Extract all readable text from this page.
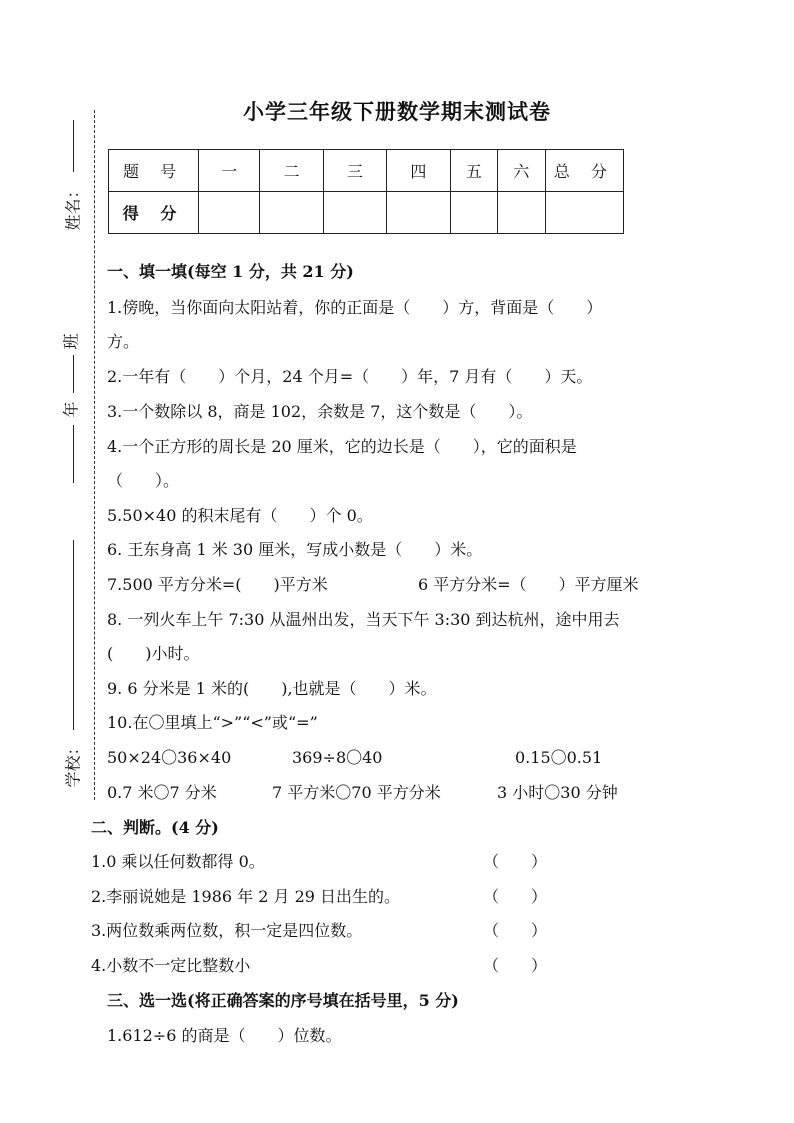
姓名：
班
年
学校：
小学三年级下册数学期末测试卷
题 号	一	二	三	四	五	六	总 分
得 分							
一、填一填(每空 1 分，共 21 分)
1.傍晚，当你面向太阳站着，你的正面是（　　）方，背面是（　　）
方。
2.一年有（　　）个月，24 个月=（　　）年，7 月有（　　）天。
3.一个数除以 8，商是 102，余数是 7，这个数是（　　）。
4.一个正方形的周长是 20 厘米，它的边长是（　　），它的面积是
（　　）。
5.50×40 的积末尾有（　　）个 0。
6. 王东身高 1 米 30 厘米，写成小数是（　　）米。
7.500 平方分米=(　　)平方米	6 平方分米=（　　）平方厘米
8. 一列火车上午 7:30 从温州出发，当天下午 3:30 到达杭州，途中用去
(　　)小时。
9. 6 分米是 1 米的(　　),也就是（　　）米。
10.在〇里填上“>”“<”或“=”
50×24〇36×40	369÷8〇40	0.15〇0.51
0.7 米〇7 分米	7 平方米〇70 平方分米	3 小时〇30 分钟
二、判断。(4 分)
1.0 乘以任何数都得 0。	（　　）
2.李丽说她是 1986 年 2 月 29 日出生的。	（　　）
3.两位数乘两位数，积一定是四位数。	（　　）
4.小数不一定比整数小	（　　）
三、选一选(将正确答案的序号填在括号里，5 分)
1.612÷6 的商是（　　）位数。
